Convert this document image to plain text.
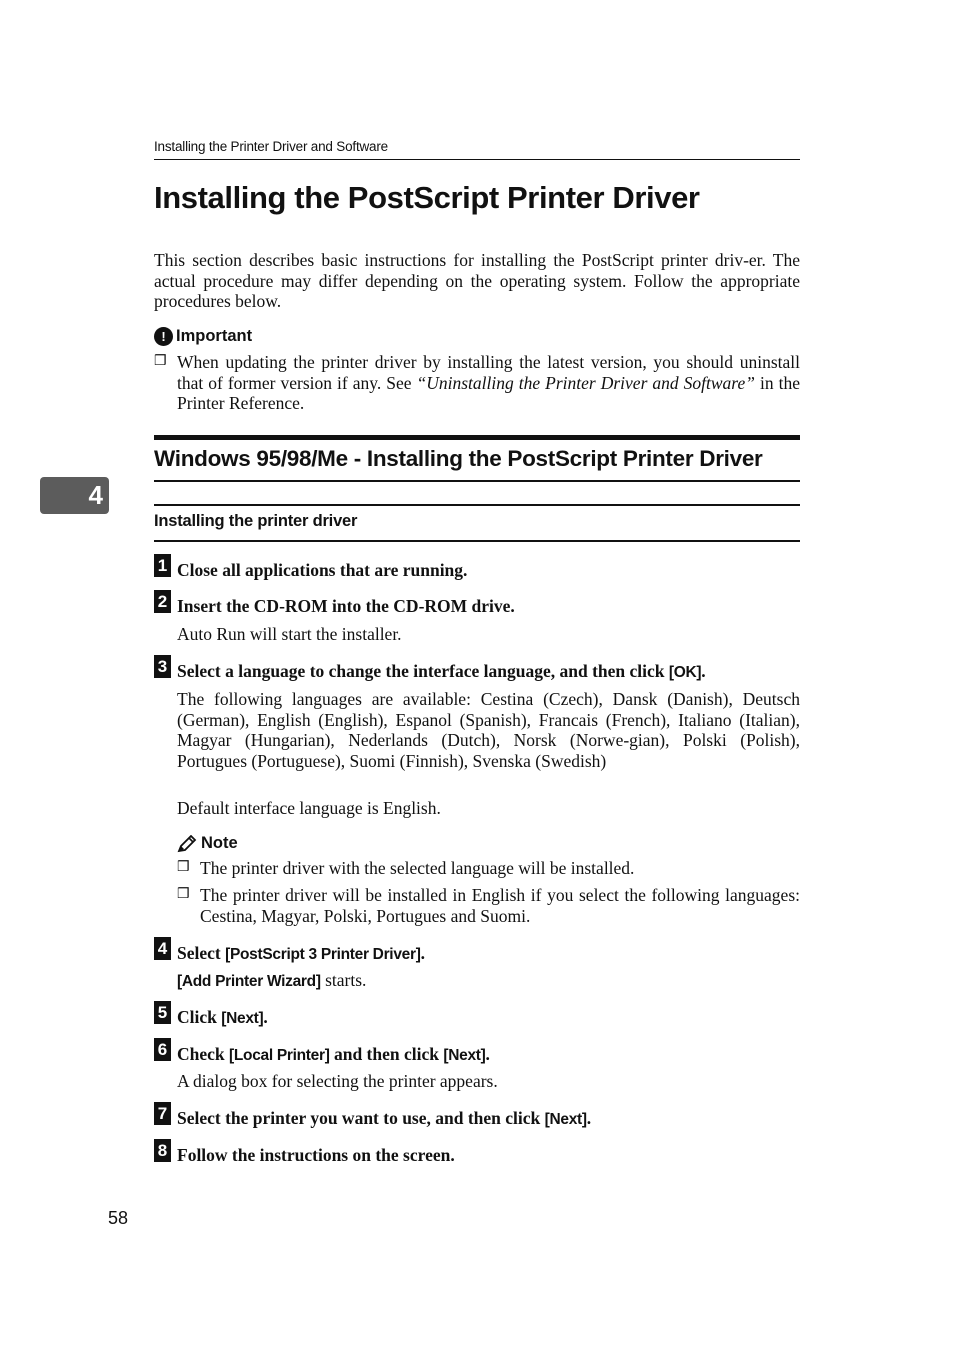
Installing the Printer Driver and Software
Installing the PostScript Printer Driver
This section describes basic instructions for installing the PostScript printer driv-er. The actual procedure may differ depending on the operating system. Follow the appropriate procedures below.
! Important
❒ When updating the printer driver by installing the latest version, you should uninstall that of former version if any. See “Uninstalling the Printer Driver and Software” in the Printer Reference.
Windows 95/98/Me - Installing the PostScript Printer Driver
4
Installing the printer driver
1 Close all applications that are running.
2 Insert the CD-ROM into the CD-ROM drive.
Auto Run will start the installer.
3 Select a language to change the interface language, and then click [OK].
The following languages are available: Cestina (Czech), Dansk (Danish), Deutsch (German), English (English), Espanol (Spanish), Francais (French), Italiano (Italian), Magyar (Hungarian), Nederlands (Dutch), Norsk (Norwe-gian), Polski (Polish), Portugues (Portuguese), Suomi (Finnish), Svenska (Swedish)
Default interface language is English.
Note
❒ The printer driver with the selected language will be installed.
❒ The printer driver will be installed in English if you select the following languages: Cestina, Magyar, Polski, Portugues and Suomi.
4 Select [PostScript 3 Printer Driver].
[Add Printer Wizard] starts.
5 Click [Next].
6 Check [Local Printer] and then click [Next].
A dialog box for selecting the printer appears.
7 Select the printer you want to use, and then click [Next].
8 Follow the instructions on the screen.
58
